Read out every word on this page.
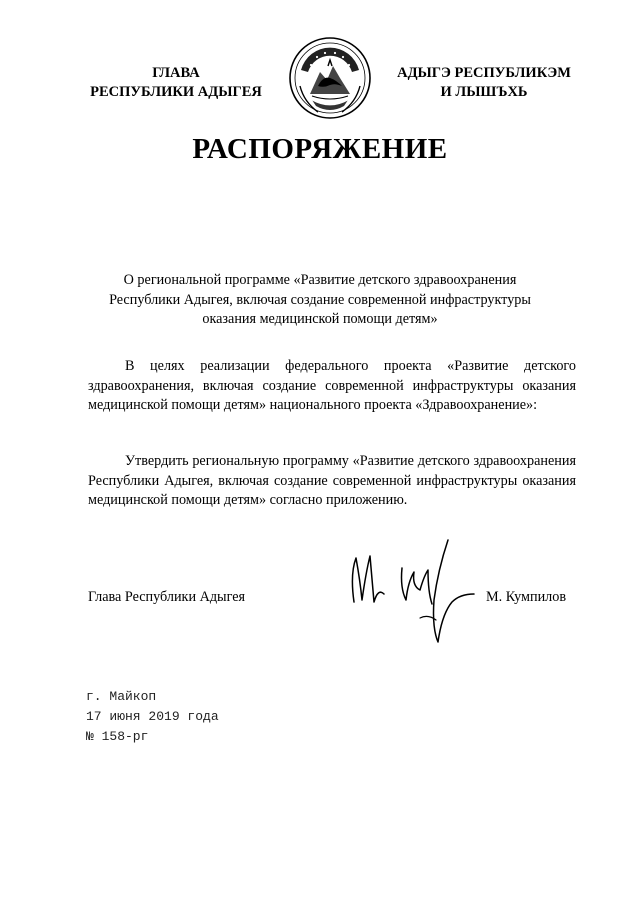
ГЛАВА
РЕСПУБЛИКИ АДЫГЕЯ
АДЫГЭ РЕСПУБЛИКЭМ
И ЛЫШЪХЬ
РАСПОРЯЖЕНИЕ
О региональной программе «Развитие детского здравоохранения
Республики Адыгея, включая создание современной инфраструктуры
оказания медицинской помощи детям»
В целях реализации федерального проекта «Развитие детского здравоохранения, включая создание современной инфраструктуры оказания медицинской помощи детям» национального проекта «Здравоохранение»:
Утвердить региональную программу «Развитие детского здравоохранения Республики Адыгея, включая создание современной инфраструктуры оказания медицинской помощи детям» согласно приложению.
Глава Республики Адыгея	М. Кумпилов
г. Майкоп
17 июня 2019 года
№ 158-рг
